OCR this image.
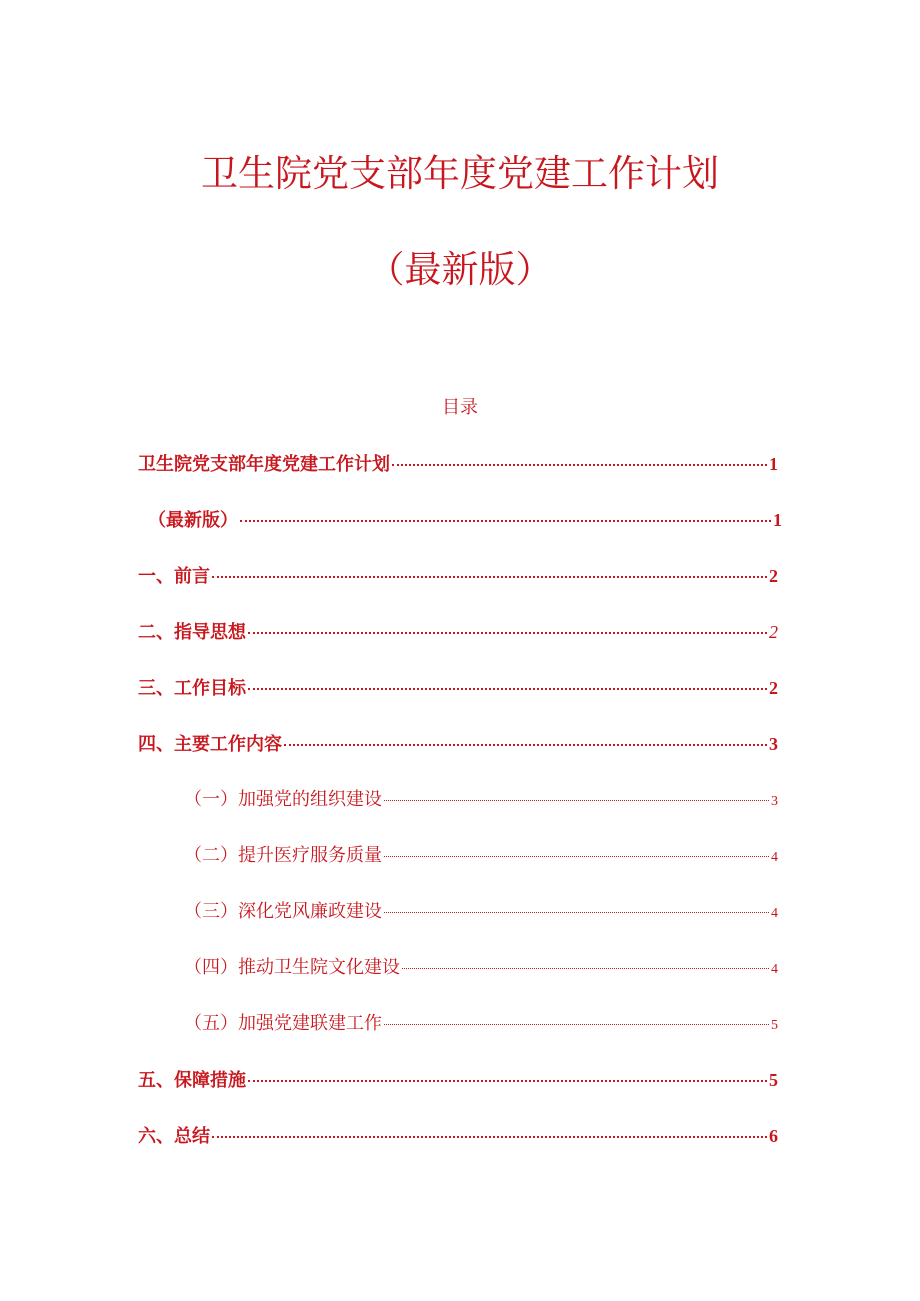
卫生院党支部年度党建工作计划
（最新版）
目录
卫生院党支部年度党建工作计划	1
（最新版）	1
一、前言	2
二、指导思想	2
三、工作目标	2
四、主要工作内容	3
（一）加强党的组织建设	3
（二）提升医疗服务质量	4
（三）深化党风廉政建设	4
（四）推动卫生院文化建设	4
（五）加强党建联建工作	5
五、保障措施	5
六、总结	6
